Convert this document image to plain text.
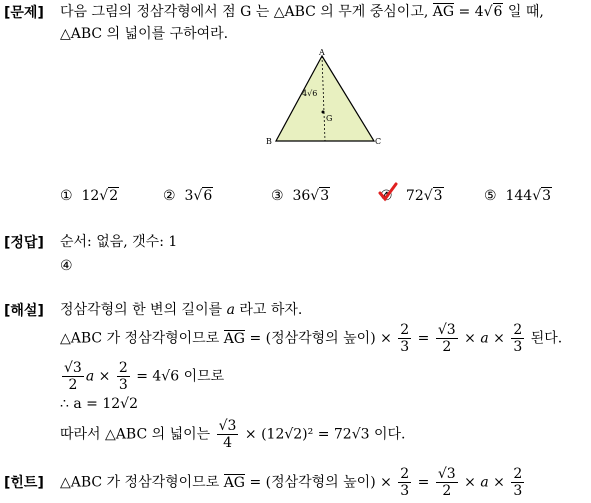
[문제] 다음 그림의 정삼각형에서 점 G 는 △ABC 의 무게 중심이고, AG = 4 √ 6 일 때,
△ABC 의 넓이를 구하여라.
A
B	C
G
4√6
① 12 √ 2	② 3 √ 6	③ 36 √ 3	④ 72 √ 3	⑤ 144 √ 3
[정답] 순서: 없음, 갯수: 1
④
[해설] 정삼각형의 한 변의 길이를 a 라고 하자.
△ABC 가 정삼각형이므로 AG = (정삼각형의 높이) × $\frac{2}{3} = \frac{√3}{2} \times a \times \frac{2}{3}$ 된다.
$\frac{√3}{2}$ $a \times \frac{2}{3} = 4√6$ 이므로
∴ a = 12√2
따라서 △ABC 의 넓이는 $\frac{√3}{4} \times (12√2)^2 = 72√3$ 이다.
[힌트] △ABC 가 정삼각형이므로 AG = (정삼각형의 높이) × $\frac{2}{3} = \frac{√3}{2} \times a \times \frac{2}{3}$
